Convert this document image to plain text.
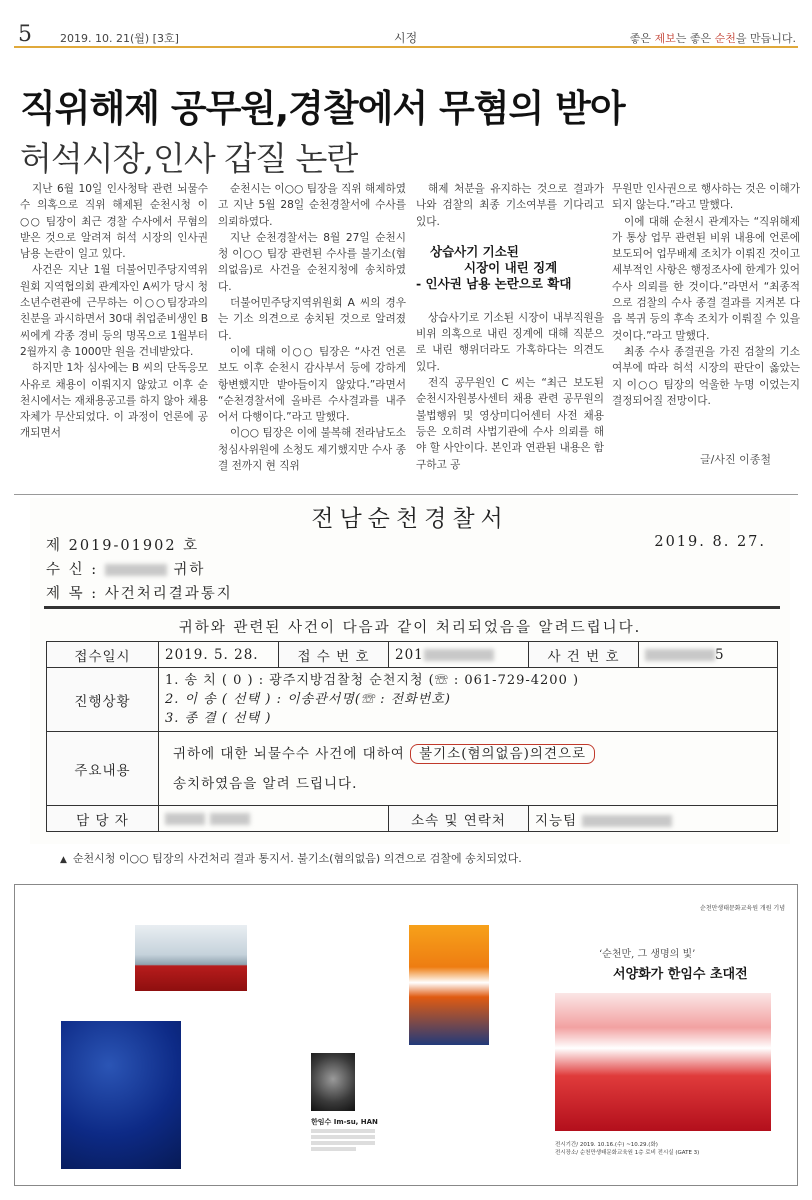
5	2019. 10. 21(월) [3호]	시정	좋은 제보는 좋은 순천을 만듭니다.
직위해제 공무원,경찰에서 무혐의 받아
허석시장,인사 갑질 논란

지난 6월 10일 인사청탁 관련 뇌물수수 의혹으로 직위 해제된 순천시청 이○○ 팀장이 최근 경찰 수사에서 무혐의 받은 것으로 알려져 허석 시장의 인사권 남용 논란이 일고 있다.

사건은 지난 1월 더불어민주당지역위원회 지역협의회 관계자인 A씨가 당시 청소년수련관에 근무하는 이○○팀장과의 친분을 과시하면서 30대 취업준비생인 B 씨에게 각종 경비 등의 명목으로 1월부터 2월까지 총 1000만 원을 건네받았다.

하지만 1차 심사에는 B 씨의 단독응모 사유로 채용이 이뤄지지 않았고 이후 순천시에서는 재채용공고를 하지 않아 채용 자체가 무산되었다. 이 과정이 언론에 공개되면서

순천시는 이○○ 팀장을 직위 해제하였고 지난 5월 28일 순천경찰서에 수사를 의뢰하였다.

지난 순천경찰서는 8월 27일 순천시청 이○○ 팀장 관련된 수사를 불기소(혐의없음)로 사건을 순천지청에 송치하였다.

더불어민주당지역위원회 A 씨의 경우는 기소 의견으로 송치된 것으로 알려졌다.

이에 대해 이○○ 팀장은 “사건 언론 보도 이후 순천시 감사부서 등에 강하게 항변했지만 받아들이지 않았다.”라면서 “순천경찰서에 올바른 수사결과를 내주어서 다행이다.”라고 말했다.

이○○ 팀장은 이에 불복해 전라남도소청심사위원에 소청도 제기했지만 수사 종결 전까지 현 직위

해제 처분을 유지하는 것으로 결과가 나와 검찰의 최종 기소여부를 기다리고 있다.

상습사기 기소된
시장이 내린 징계
- 인사권 남용 논란으로 확대

상습사기로 기소된 시장이 내부직원을 비위 의혹으로 내린 징계에 대해 직분으로 내린 행위더라도 가혹하다는 의견도 있다.

전직 공무원인 C 씨는 “최근 보도된 순천시자원봉사센터 채용 관련 공무원의 불법행위 및 영상미디어센터 사전 채용 등은 오히려 사법기관에 수사 의뢰를 해야 할 사안이다. 본인과 연관된 내용은 함구하고 공

무원만 인사권으로 행사하는 것은 이해가 되지 않는다.”라고 말했다.

이에 대해 순천시 관계자는 “직위해제가 통상 업무 관련된 비위 내용에 언론에 보도되어 업무배제 조치가 이뤄진 것이고 세부적인 사항은 행정조사에 한계가 있어 수사 의뢰를 한 것이다.”라면서 “최종적으로 검찰의 수사 종결 결과를 지켜본 다음 복귀 등의 후속 조치가 이뤄질 수 있을 것이다.”라고 말했다.

최종 수사 종결권을 가진 검찰의 기소 여부에 따라 허석 시장의 판단이 옳았는지 이○○ 팀장의 억울한 누명 이었는지 결정되어질 전망이다.

글/사진 이종철
전남순천경찰서
제 2019-01902 호	2019. 8. 27.
수 신 :	귀하
제 목 : 사건처리결과통지
귀하와 관련된 사건이 다음과 같이 처리되었음을 알려드립니다.
접수일시	2019. 5. 28.	접 수 번 호	201	사 건 번 호	5
진행상황	1. 송 치 ( 0 ) : 광주지방검찰청 순천지청 (☏ : 061-729-4200 )
2. 이 송 ( 선택 ) : 이송관서명(☏ : 전화번호)
3. 종 결 ( 선택 )				

주요내용	귀하에 대한 뇌물수수 사건에 대하여 불기소(혐의없음)의견으로
송치하였음을 알려 드립니다.				

담 당 자			소속 및 연락처	지능팀	
▲ 순천시청 이○○ 팀장의 사건처리 결과 통지서. 불기소(혐의없음) 의견으로 검찰에 송치되었다.
순천만생태문화교육원 개원 기념
‘순천만, 그 생명의 빛’
서양화가 한임수 초대전
한임수 Im-su, HAN
전시기간/ 2019. 10.16.(수) ~10.29.(화)
전시장소/ 순천만생태문화교육원 1층 로비 전시실 (GATE 3)
